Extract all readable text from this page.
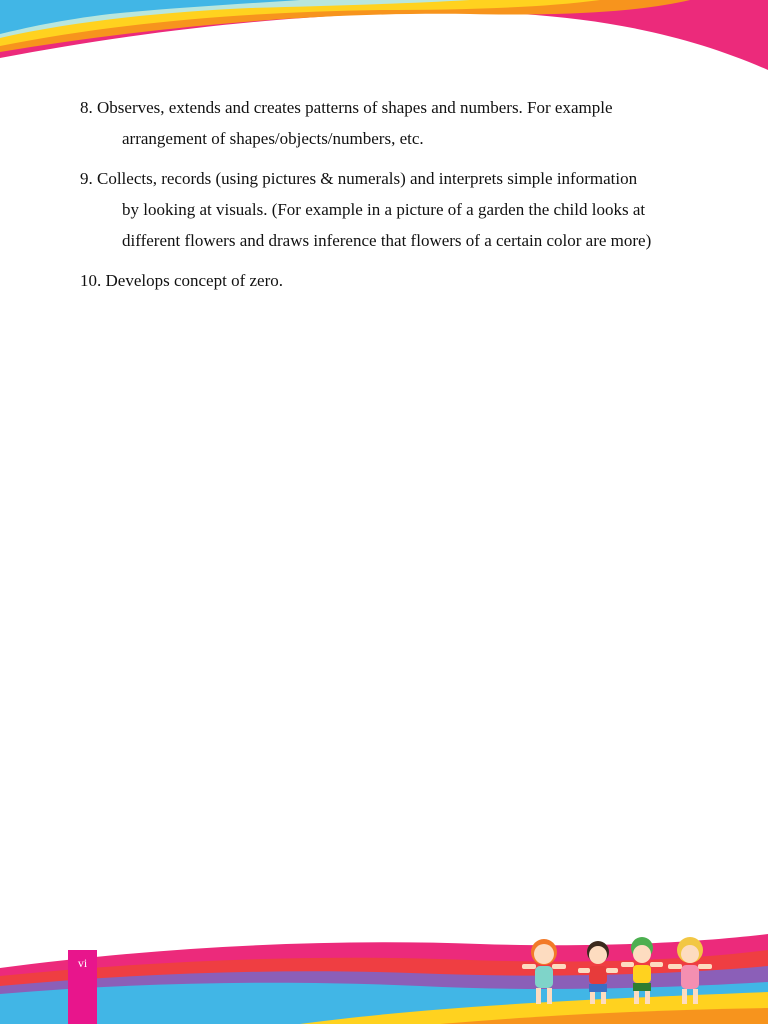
8. Observes, extends and creates patterns of shapes and numbers. For example
arrangement of shapes/objects/numbers, etc.
9. Collects, records (using pictures & numerals) and interprets simple information
by looking at visuals. (For example in a picture of a garden the child looks at
different flowers and draws inference that flowers of a certain color are more)
10. Develops concept of zero.
vi
